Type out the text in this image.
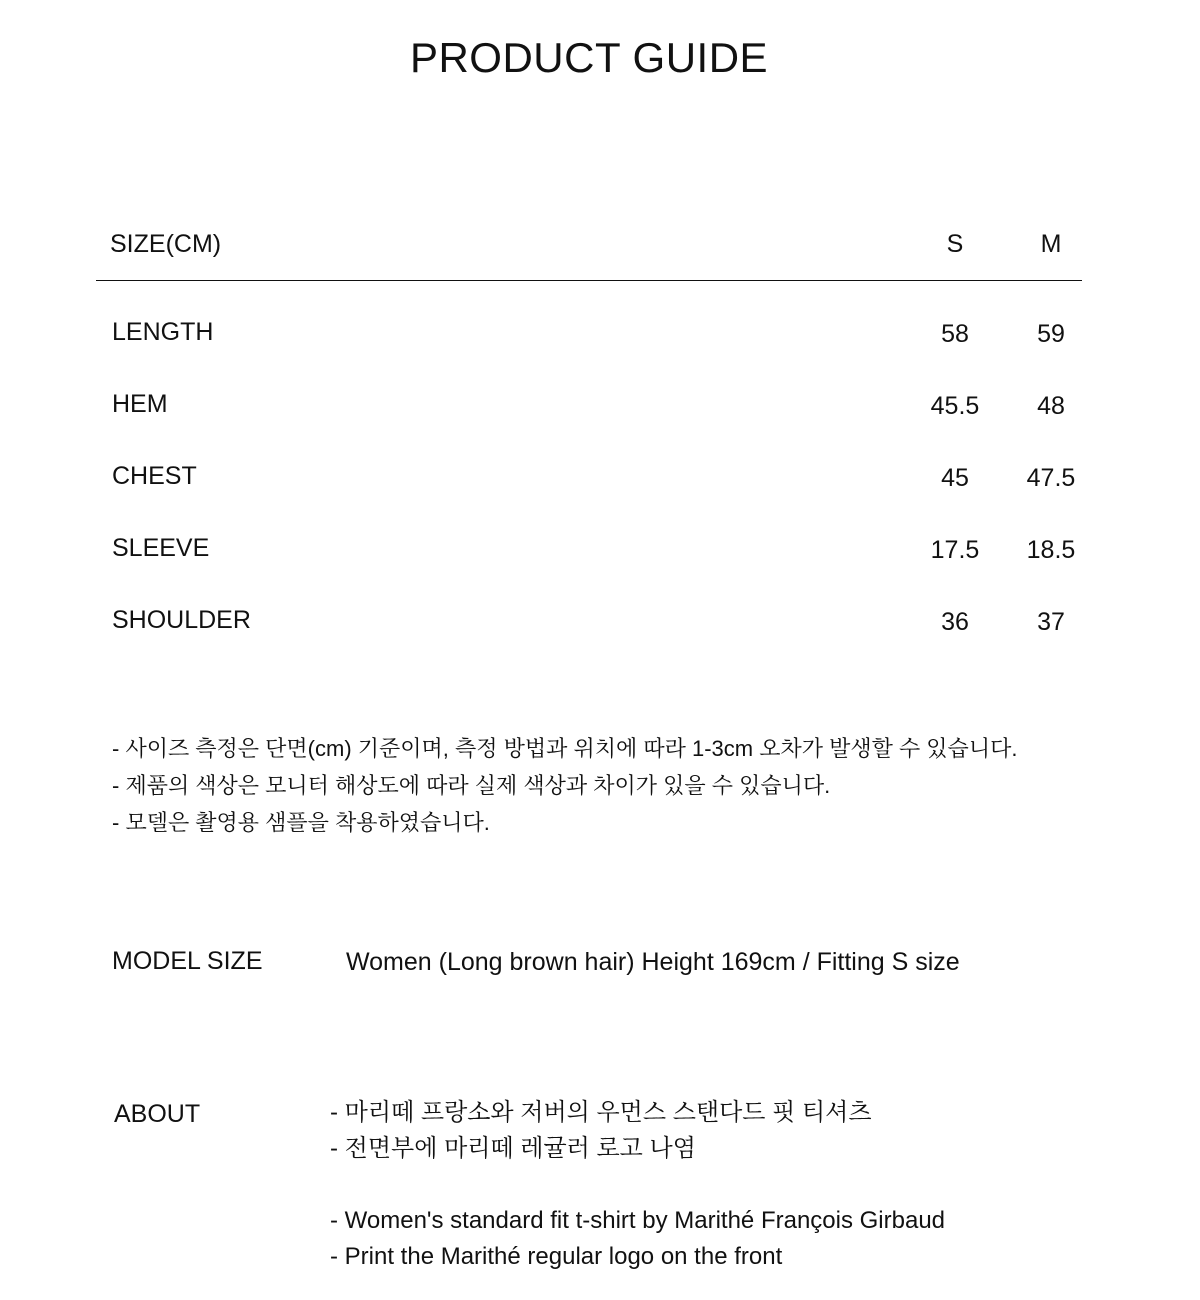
PRODUCT GUIDE
SIZE(CM)	S	M
LENGTH	58	59
HEM	45.5	48
CHEST	45	47.5
SLEEVE	17.5	18.5
SHOULDER	36	37
- 사이즈 측정은 단면(cm) 기준이며, 측정 방법과 위치에 따라 1-3cm 오차가 발생할 수 있습니다.
- 제품의 색상은 모니터 해상도에 따라 실제 색상과 차이가 있을 수 있습니다.
- 모델은 촬영용 샘플을 착용하였습니다.
MODEL SIZE	Women (Long brown hair) Height 169cm / Fitting S size
ABOUT	- 마리떼 프랑소와 저버의 우먼스 스탠다드 핏 티셔츠
- 전면부에 마리떼 레귤러 로고 나염
- Women's standard fit t-shirt by Marithé François Girbaud
- Print the Marithé regular logo on the front
